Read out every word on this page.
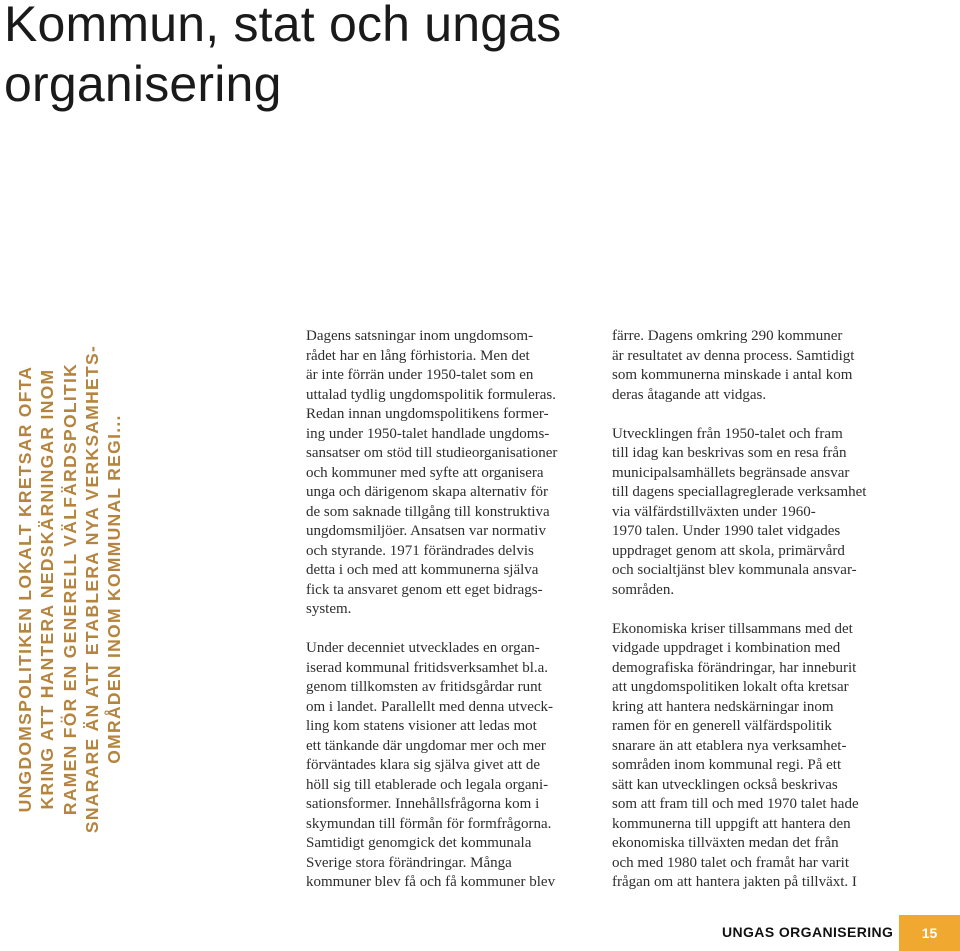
Kommun, stat och ungas
organisering
UNGDOMSPOLITIKEN LOKALT KRETSAR OFTA KRING ATT HANTERA NEDSKÄRNINGAR INOM RAMEN FÖR EN GENERELL VÄLFÄRDSPOLITIK SNARARE ÄN ATT ETABLERA NYA VERKSAMHETS- OMRÅDEN INOM KOMMUNAL REGI...
Dagens satsningar inom ungdomsom-
rådet har en lång förhistoria. Men det
är inte förrän under 1950-talet som en
uttalad tydlig ungdomspolitik formuleras.
Redan innan ungdomspolitikens former-
ing under 1950-talet handlade ungdoms-
sansatser om stöd till studieorganisationer
och kommuner med syfte att organisera
unga och därigenom skapa alternativ för
de som saknade tillgång till konstruktiva
ungdomsmiljöer. Ansatsen var normativ
och styrande. 1971 förändrades delvis
detta i och med att kommunerna själva
fick ta ansvaret genom ett eget bidrags-
system.
Under decenniet utvecklades en organ-
iserad kommunal fritidsverksamhet bl.a.
genom tillkomsten av fritidsgårdar runt
om i landet. Parallellt med denna utveck-
ling kom statens visioner att ledas mot
ett tänkande där ungdomar mer och mer
förväntades klara sig själva givet att de
höll sig till etablerade och legala organi-
sationsformer. Innehållsfrågorna kom i
skymundan till förmån för formfrågorna.
Samtidigt genomgick det kommunala
Sverige stora förändringar. Många
kommuner blev få och få kommuner blev
färre. Dagens omkring 290 kommuner
är resultatet av denna process. Samtidigt
som kommunerna minskade i antal kom
deras åtagande att vidgas.
Utvecklingen från 1950-talet och fram
till idag kan beskrivas som en resa från
municipalsamhällets begränsade ansvar
till dagens speciallagreglerade verksamhet
via välfärdstillväxten under 1960-
1970 talen. Under 1990 talet vidgades
uppdraget genom att skola, primärvård
och socialtjänst blev kommunala ansvar-
sområden.
Ekonomiska kriser tillsammans med det
vidgade uppdraget i kombination med
demografiska förändringar, har inneburit
att ungdomspolitiken lokalt ofta kretsar
kring att hantera nedskärningar inom
ramen för en generell välfärdspolitik
snarare än att etablera nya verksamhet-
sområden inom kommunal regi. På ett
sätt kan utvecklingen också beskrivas
som att fram till och med 1970 talet hade
kommunerna till uppgift att hantera den
ekonomiska tillväxten medan det från
och med 1980 talet och framåt har varit
frågan om att hantera jakten på tillväxt. I
UNGAS ORGANISERING 15
